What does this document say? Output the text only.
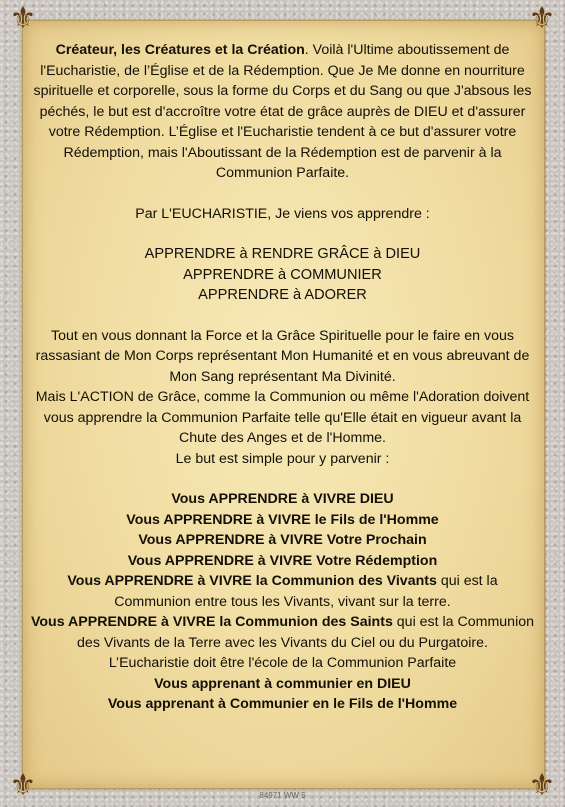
⚜	⚜
⚜	⚜

Créateur, les Créatures et la Création. Voilà l'Ultime aboutissement de l'Eucharistie, de l’Église et de la Rédemption. Que Je Me donne en nourriture spirituelle et corporelle, sous la forme du Corps et du Sang ou que J'absous les péchés, le but est d'accroître votre état de grâce auprès de DIEU et d'assurer votre Rédemption. L’Église et l'Eucharistie tendent à ce but d'assurer votre Rédemption, mais l'Aboutissant de la Rédemption est de parvenir à la Communion Parfaite.

Par L'EUCHARISTIE, Je viens vos apprendre :

APPRENDRE à RENDRE GRÂCE à DIEU

APPRENDRE à COMMUNIER

APPRENDRE à ADORER

Tout en vous donnant la Force et la Grâce Spirituelle pour le faire en vous rassasiant de Mon Corps représentant Mon Humanité et en vous abreuvant de Mon Sang représentant Ma Divinité.

Mais L'ACTION de Grâce, comme la Communion ou même l'Adoration doivent vous apprendre la Communion Parfaite telle qu'Elle était en vigueur avant la Chute des Anges et de l'Homme.

Le but est simple pour y parvenir :

Vous APPRENDRE à VIVRE DIEU

Vous APPRENDRE à VIVRE le Fils de l'Homme

Vous APPRENDRE à VIVRE Votre Prochain

Vous APPRENDRE à VIVRE Votre Rédemption

Vous APPRENDRE à VIVRE la Communion des Vivants qui est la Communion entre tous les Vivants, vivant sur la terre.

Vous APPRENDRE à VIVRE la Communion des Saints qui est la Communion des Vivants de la Terre avec les Vivants du Ciel ou du Purgatoire.

L’Eucharistie doit être l'école de la Communion Parfaite

Vous apprenant à communier en DIEU

Vous apprenant à Communier en le Fils de l'Homme

84971 WW 5
